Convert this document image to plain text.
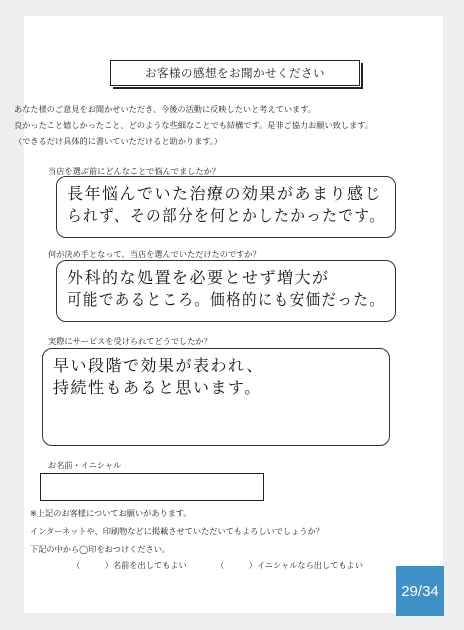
お客様の感想をお聞かせください
あなた様のご意見をお聞かせいただき、今後の活動に反映したいと考えています。
良かったこと嬉しかったこと、どのような些細なことでも結構です。是非ご協力お願い致します。
（できるだけ具体的に書いていただけると助かります。）
当店を選ぶ前にどんなことで悩んでましたか？
長年悩んでいた治療の効果があまり感じ
られず、その部分を何とかしたかったです。
何が決め手となって、当店を選んでいただけたのですか？
外科的な処置を必要とせず増大が
可能であるところ。価格的にも安価だった。
実際にサービスを受けられてどうでしたか？
早い段階で効果が表われ、
持続性もあると思います。
お名前・イニシャル
※上記のお客様についてお願いがあります。
インターネットや、印刷物などに掲載させていただいてもよろしいでしょうか？
下記の中から◯印をおつけください。
（　　　）名前を出してもよい	（　　　）イニシャルなら出してもよい
29/34
